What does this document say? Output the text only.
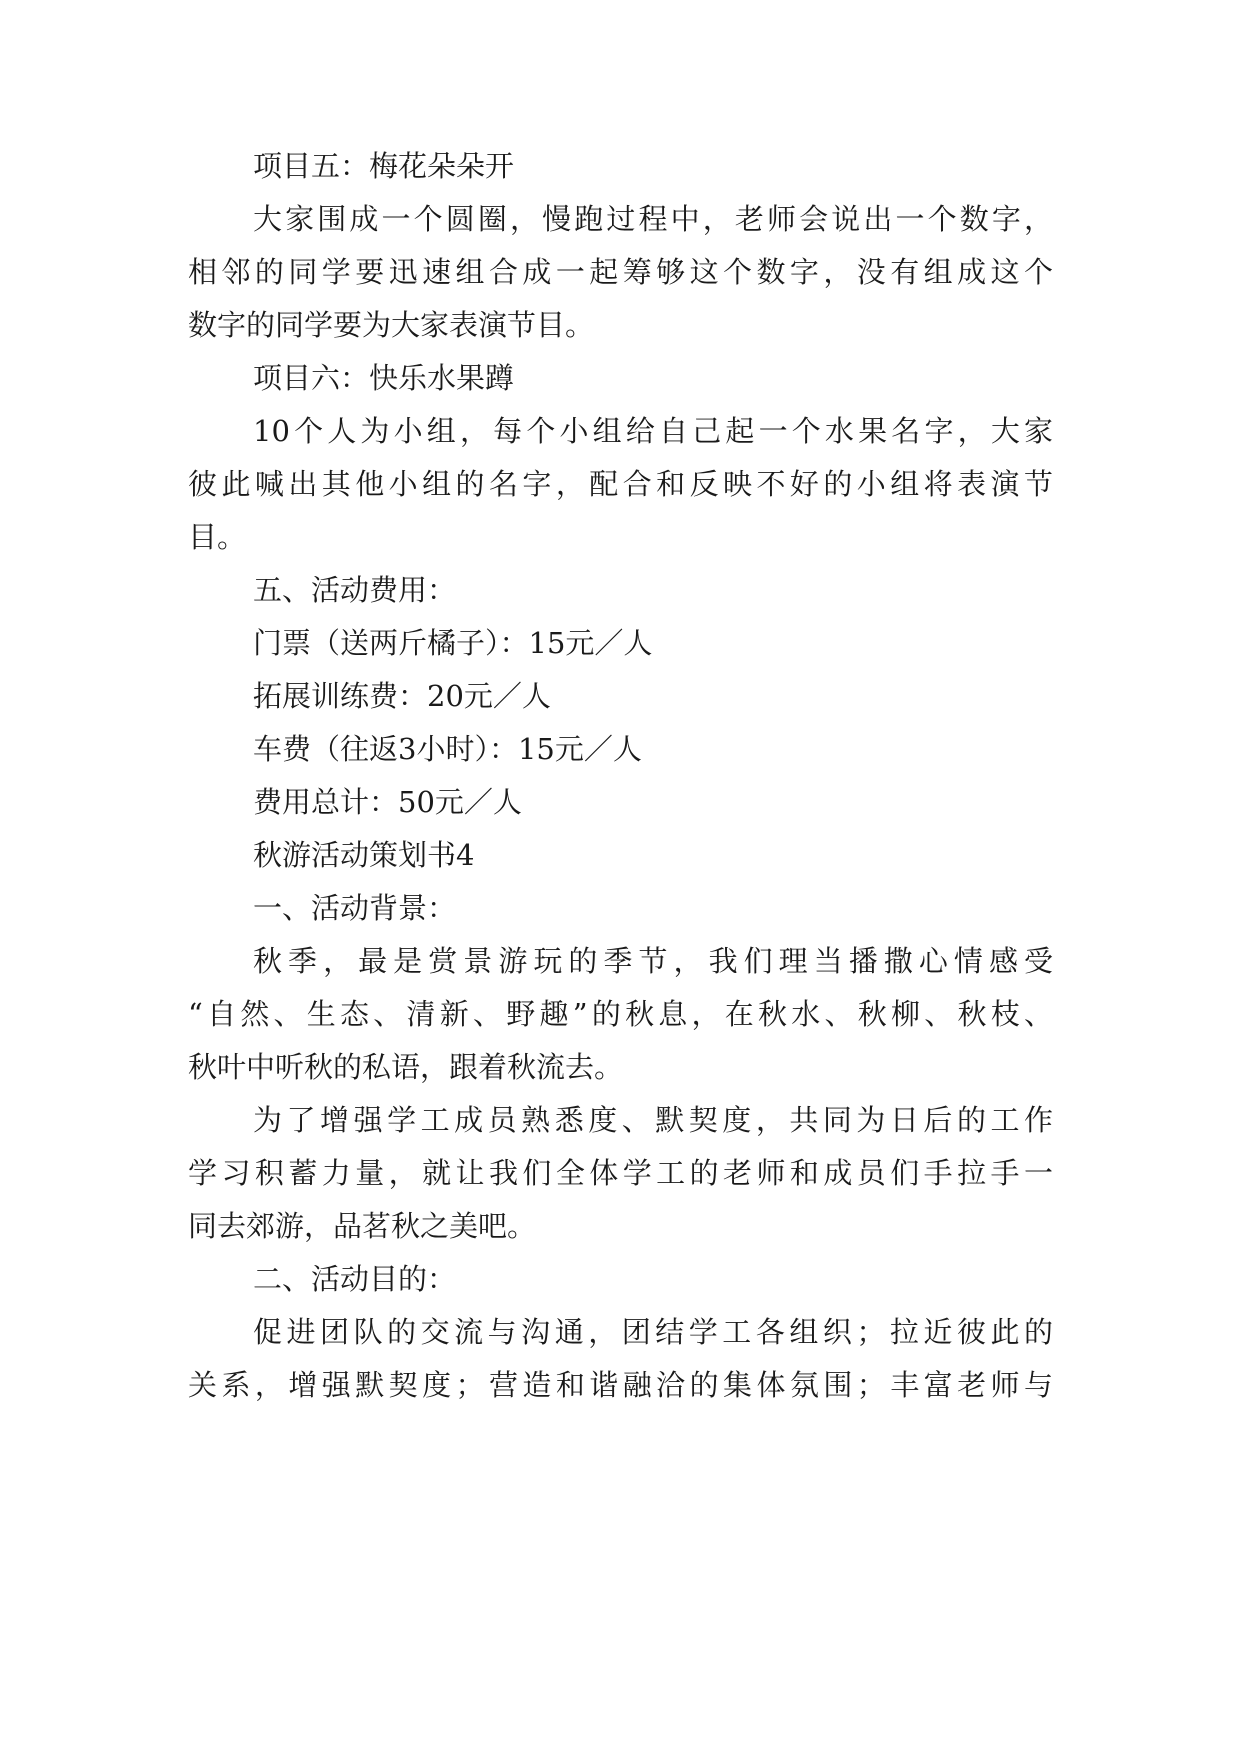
项目五：梅花朵朵开
大家围成一个圆圈，慢跑过程中，老师会说出一个数字，
相邻的同学要迅速组合成一起筹够这个数字，没有组成这个
数字的同学要为大家表演节目。
项目六：快乐水果蹲
10个人为小组，每个小组给自己起一个水果名字，大家
彼此喊出其他小组的名字，配合和反映不好的小组将表演节
目。
五、活动费用：
门票（送两斤橘子）：15元／人
拓展训练费：20元／人
车费（往返3小时）：15元／人
费用总计：50元／人
秋游活动策划书4
一、活动背景：
秋季，最是赏景游玩的季节，我们理当播撒心情感受
“自然、生态、清新、野趣”的秋息，在秋水、秋柳、秋枝、
秋叶中听秋的私语，跟着秋流去。
为了增强学工成员熟悉度、默契度，共同为日后的工作
学习积蓄力量，就让我们全体学工的老师和成员们手拉手一
同去郊游，品茗秋之美吧。
二、活动目的：
促进团队的交流与沟通，团结学工各组织；拉近彼此的
关系，增强默契度；营造和谐融洽的集体氛围；丰富老师与
